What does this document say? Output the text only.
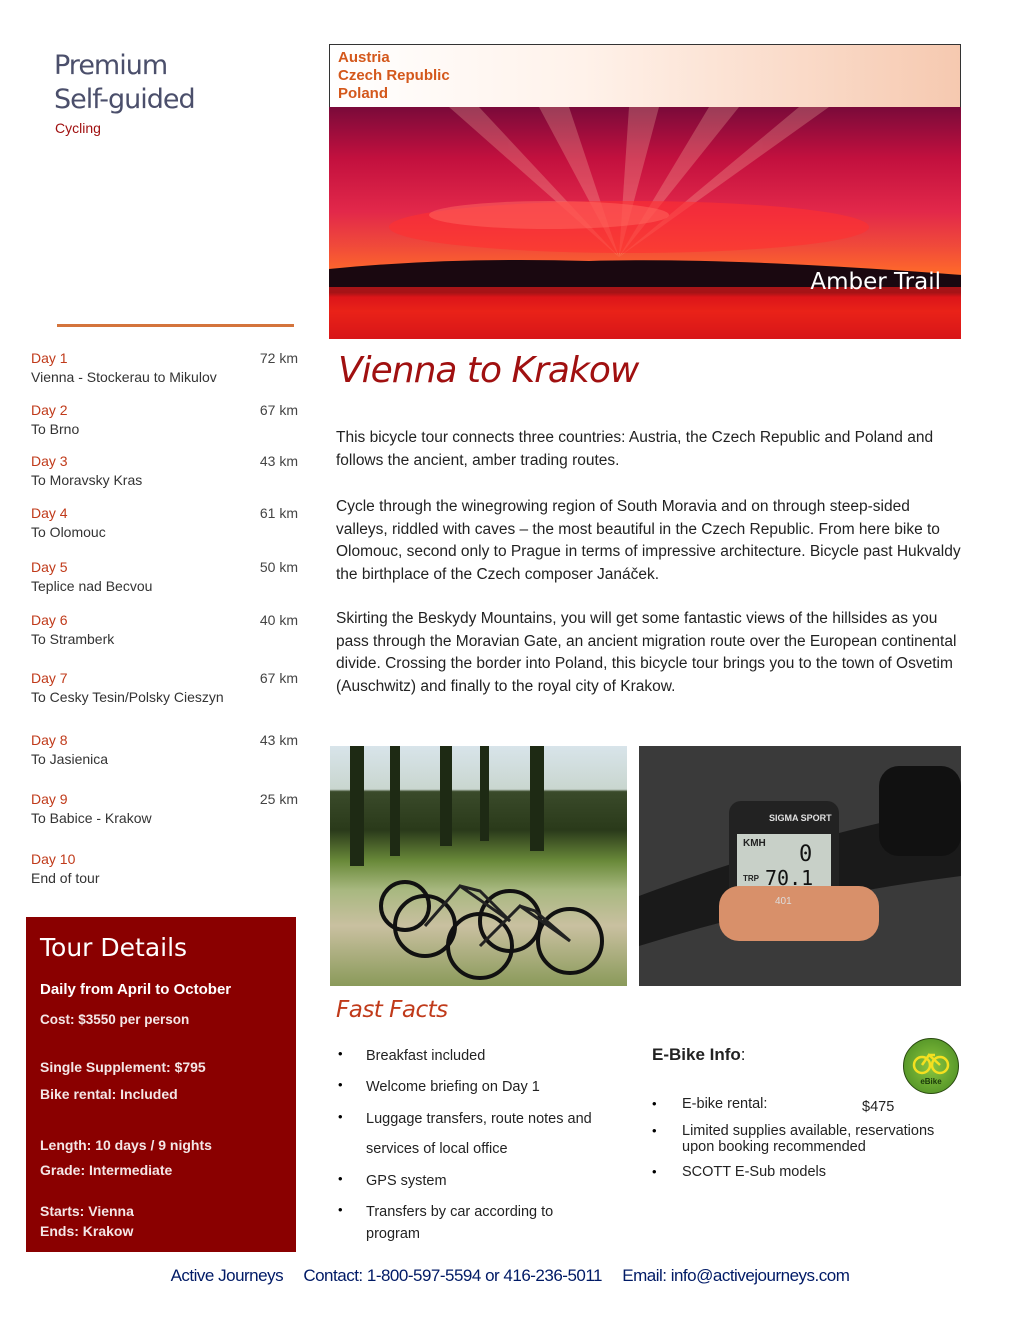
Premium
Self-guided
Cycling
Austria
Czech Republic
Poland
Amber Trail
Day 1	72 km
Vienna - Stockerau to Mikulov
Day 2	67 km
To Brno
Day 3	43 km
To Moravsky Kras
Day 4	61 km
To Olomouc
Day 5	50 km
Teplice nad Becvou
Day 6	40 km
To Stramberk
Day 7	67 km
To Cesky Tesin/Polsky Cieszyn
Day 8	43 km
To Jasienica
Day 9	25 km
To Babice - Krakow
Day 10
End of tour
Vienna to Krakow
This bicycle tour connects three countries: Austria, the Czech Republic and Poland and follows the ancient, amber trading routes.
Cycle through the winegrowing region of South Moravia and on through steep-sided valleys, riddled with caves – the most beautiful in the Czech Republic. From here bike to Olomouc, second only to Prague in terms of impressive architecture. Bicycle past Hukvaldy the birthplace of the Czech composer Janáček.
Skirting the Beskydy Mountains, you will get some fantastic views of the hillsides as you pass through the Moravian Gate, an ancient migration route over the European continental divide. Crossing the border into Poland, this bicycle tour brings you to the town of Osvetim (Auschwitz) and finally to the royal city of Krakow.
SIGMA SPORT
KMH 0
TRP 70.1
401
Tour Details
Daily from April to October
Cost: $3550 per person
Single Supplement: $795
Bike rental: Included
Length: 10 days / 9 nights
Grade: Intermediate
Starts: Vienna
Ends: Krakow
Fast Facts
• Breakfast included
• Welcome briefing on Day 1
• Luggage transfers, route notes and services of local office
• GPS system
• Transfers by car according to program
E-Bike Info:
eBike
• E-bike rental:	$475
• Limited supplies available, reservations upon booking recommended
• SCOTT E-Sub models
Active Journeys Contact: 1-800-597-5594 or 416-236-5011 Email: info@activejourneys.com
